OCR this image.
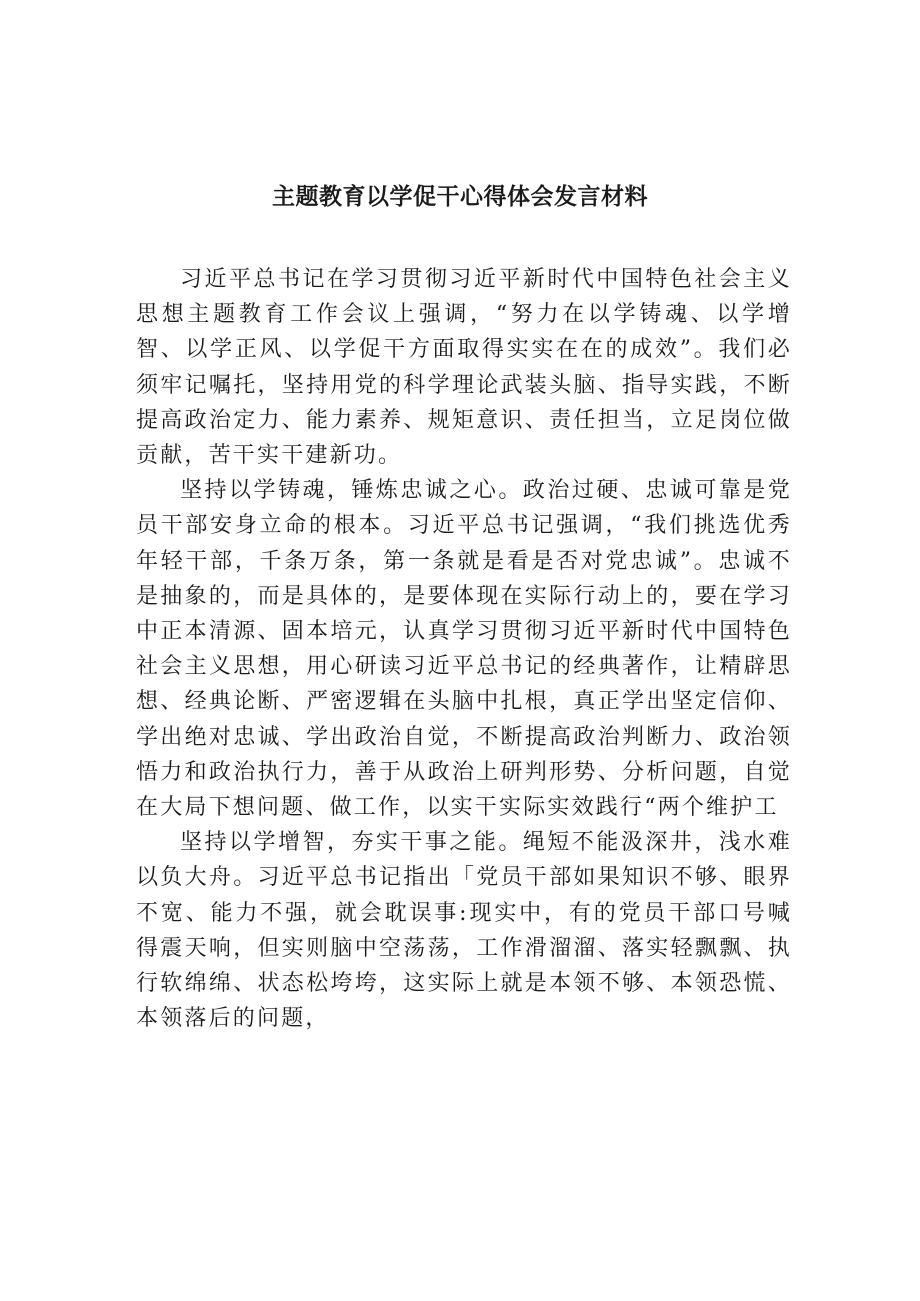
主题教育以学促干心得体会发言材料

习近平总书记在学习贯彻习近平新时代中国特色社会主义思想主题教育工作会议上强调，“努力在以学铸魂、以学增智、以学正风、以学促干方面取得实实在在的成效”。我们必须牢记嘱托，坚持用党的科学理论武装头脑、指导实践，不断提高政治定力、能力素养、规矩意识、责任担当，立足岗位做贡献，苦干实干建新功。

坚持以学铸魂，锤炼忠诚之心。政治过硬、忠诚可靠是党员干部安身立命的根本。习近平总书记强调，“我们挑选优秀年轻干部，千条万条，第一条就是看是否对党忠诚”。忠诚不是抽象的，而是具体的，是要体现在实际行动上的，要在学习中正本清源、固本培元，认真学习贯彻习近平新时代中国特色社会主义思想，用心研读习近平总书记的经典著作，让精辟思想、经典论断、严密逻辑在头脑中扎根，真正学出坚定信仰、学出绝对忠诚、学出政治自觉，不断提高政治判断力、政治领悟力和政治执行力，善于从政治上研判形势、分析问题，自觉在大局下想问题、做工作，以实干实际实效践行“两个维护工

坚持以学增智，夯实干事之能。绳短不能汲深井，浅水难以负大舟。习近平总书记指出「党员干部如果知识不够、眼界不宽、能力不强，就会耽误事:现实中，有的党员干部口号喊得震天响，但实则脑中空荡荡，工作滑溜溜、落实轻飘飘、执行软绵绵、状态松垮垮，这实际上就是本领不够、本领恐慌、本领落后的问题，
